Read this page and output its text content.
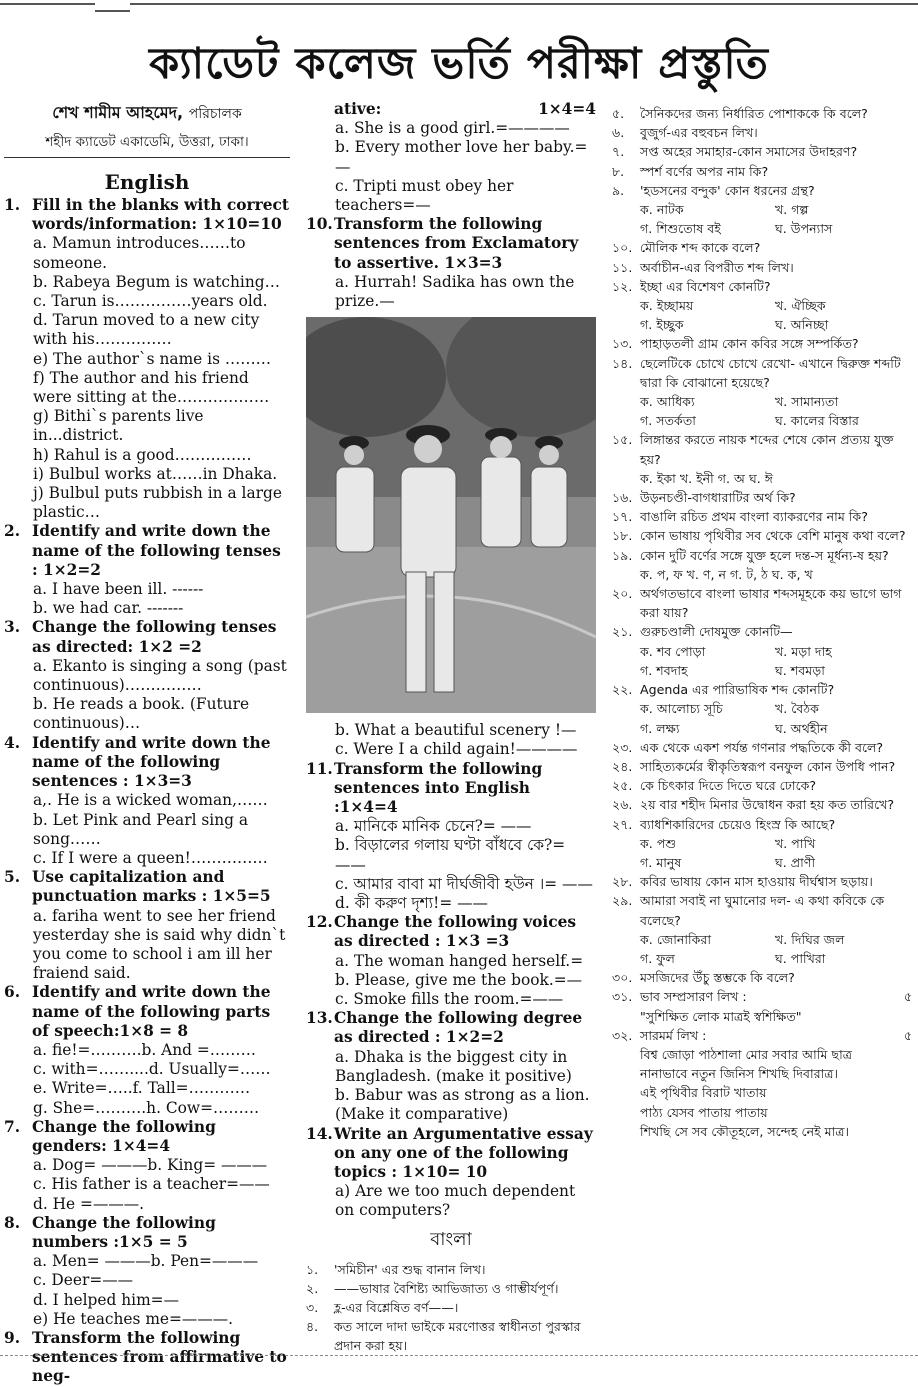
ক্যাডেট কলেজ ভর্তি পরীক্ষা প্রস্তুতি
শেখ শামীম আহমেদ, পরিচালক
শহীদ ক্যাডেট একাডেমি, উত্তরা, ঢাকা।
English
1. Fill in the blanks with correct words/information: 1×10=10
a. Mamun introduces……to someone.
b. Rabeya Begum is watching…
c. Tarun is……………years old.
d. Tarun moved to a new city with his……………
e) The author`s name is ………
f) The author and his friend were sitting at the………………
g) Bithi`s parents live in...district.
h) Rahul is a good……………
i) Bulbul works at……in Dhaka.
j) Bulbul puts rubbish in a large plastic…
2. Identify and write down the name of the following tenses : 1×2=2
a. I have been ill. ------
b. we had car. -------
3. Change the following tenses as directed: 1×2 =2
a. Ekanto is singing a song (past continuous)……………
b. He reads a book. (Future continuous)…
4. Identify and write down the name of the following sentences : 1×3=3
a,. He is a wicked woman,……
b. Let Pink and Pearl sing a song……
c. If I were a queen!……………
5. Use capitalization and punctuation marks : 1×5=5
a. fariha went to see her friend yesterday she is said why didn`t you come to school i am ill her fraiend said.
6. Identify and write down the name of the following parts of speech:1×8 = 8
a. fie!=……….b. And =………
c. with=……....d. Usually=……
e. Write=…..f. Tall=…………
g. She=……….h. Cow=………
7. Change the following genders: 1×4=4
a. Dog= ———b. King= ———
c. His father is a teacher=——
d. He =———.
8. Change the following numbers :1×5 = 5
a. Men= ———b. Pen=———
c. Deer=——
d. I helped him=—
e) He teaches me=———.
9. Transform the following sentences from affirmative to neg-
ative:	1×4=4
a. She is a good girl.=————
b. Every mother love her baby.=—
c. Tripti must obey her teachers=—
10. Transform the following sentences from Exclamatory to assertive. 1×3=3
a. Hurrah! Sadika has own the prize.—
b. What a beautiful scenery !—
c. Were I a child again!————
11. Transform the following sentences into English :1×4=4
a. মানিকে মানিক চেনে?= ——
b. বিড়ালের গলায় ঘণ্টা বাঁধবে কে?= ——
c. আমার বাবা মা দীর্ঘজীবী হউন ।= ——
d. কী করুণ দৃশ্য!= ——
12. Change the following voices as directed : 1×3 =3
a. The woman hanged herself.=
b. Please, give me the book.=—
c. Smoke fills the room.=——
13. Change the following degree as directed : 1×2=2
a. Dhaka is the biggest city in Bangladesh. (make it positive)
b. Babur was as strong as a lion. (Make it comparative)
14. Write an Argumentative essay on any one of the following topics : 1×10= 10
a) Are we too much dependent on computers?
বাংলা
১.	'সমিচীন' এর শুদ্ধ বানান লিখ।
২.	——ভাষার বৈশিষ্ট্য আভিজাত্য ও গাম্ভীর্যপূর্ণ।
৩.	হ্ল-এর বিশ্লেষিত বর্ণ——।
৪.	কত সালে দাদা ভাইকে মরণোত্তর স্বাধীনতা পুরস্কার প্রদান করা হয়।
৫.	সৈনিকদের জন্য নির্ধারিত পোশাককে কি বলে?
৬.	বুজুর্গ-এর বহুবচন লিখ।
৭.	সপ্ত অহের সমাহার-কোন সমাসের উদাহরণ?
৮.	স্পর্শ বর্ণের অপর নাম কি?
৯.	'হডসনের বন্দুক' কোন ধরনের গ্রন্থ?
ক. নাটক	খ. গল্প
গ. শিশুতোষ বই	ঘ. উপন্যাস
১০. মৌলিক শব্দ কাকে বলে?
১১. অর্বাচীন-এর বিপরীত শব্দ লিখ।
১২. ইচ্ছা এর বিশেষণ কোনটি?
ক. ইচ্ছাময়	খ. ঐচ্ছিক
গ. ইচ্ছুক	ঘ. অনিচ্ছা
১৩. পাহাড়তলী গ্রাম কোন কবির সঙ্গে সম্পর্কিত?
১৪. ছেলেটিকে চোখে চোখে রেখো- এখানে দ্বিরুক্ত শব্দটি দ্বারা কি বোঝানো হয়েছে?
ক. আধিক্য	খ. সামান্যতা
গ. সতর্কতা	ঘ. কালের বিস্তার
১৫. লিঙ্গান্তর করতে নায়ক শব্দের শেষে কোন প্রত্যয় যুক্ত হয়?
ক. ইকা খ. ইনী গ. অ ঘ. ঈ
১৬. উড়নচণ্ডী-বাগধারাটির অর্থ কি?
১৭. বাঙালি রচিত প্রথম বাংলা ব্যাকরণের নাম কি?
১৮. কোন ভাষায় পৃথিবীর সব থেকে বেশি মানুষ কথা বলে?
১৯. কোন দুটি বর্ণের সঙ্গে যুক্ত হলে দন্ত-স মূর্ধন্য-ষ হয়?
ক. প, ফ খ. ণ, ন গ. ট, ঠ ঘ. ক, খ
২০. অর্থগতভাবে বাংলা ভাষার শব্দসমূহকে কয় ভাগে ভাগ করা যায়?
২১. গুরুচণ্ডালী দোষমুক্ত কোনটি—
ক. শব পোড়া	খ. মড়া দাহ
গ. শবদাহ	ঘ. শবমড়া
২২. Agenda এর পারিভাষিক শব্দ কোনটি?
ক. আলোচ্য সূচি	খ. বৈঠক
গ. লক্ষ্য	ঘ. অর্থহীন
২৩. এক থেকে একশ পর্যন্ত গণনার পদ্ধতিকে কী বলে?
২৪. সাহিত্যকর্মের স্বীকৃতিস্বরূপ বনফুল কোন উপধি পান?
২৫. কে চিৎকার দিতে দিতে ঘরে ঢোকে?
২৬. ২য় বার শহীদ মিনার উদ্বোধন করা হয় কত তারিখে?
২৭. ব্যাধশিকারিদের চেয়েও হিংস্র কি আছে?
ক. পশু	খ. পাখি
গ. মানুষ	ঘ. প্রাণী
২৮. কবির ভাষায় কোন মাস হাওয়ায় দীর্ঘশ্বাস ছড়ায়।
২৯. আমারা সবাই না ঘুমানোর দল- এ কথা কবিকে কে বলেছে?
ক. জোনাকিরা	খ. দিঘির জল
গ. ফুল	ঘ. পাখিরা
৩০. মসজিদের উঁচু স্তম্ভকে কি বলে?
৩১. ভাব সম্প্রসারণ লিখ :	৫
"সুশিক্ষিত লোক মাত্রই স্বশিক্ষিত"
৩২. সারমর্ম লিখ :	৫
বিশ্ব জোড়া পাঠশালা মোর সবার আমি ছাত্র
নানাভাবে নতুন জিনিস শিখছি দিবারাত্র।
এই পৃথিবীর বিরাট খাতায়
পাঠ্য যেসব পাতায় পাতায়
শিখছি সে সব কৌতূহলে, সন্দেহ নেই মাত্র।
